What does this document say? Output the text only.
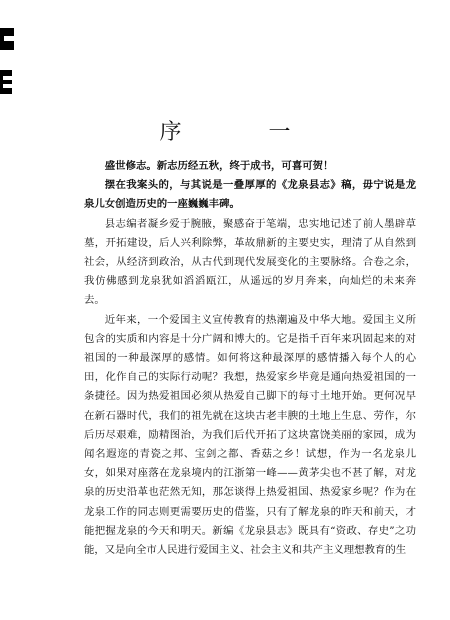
序 一

盛世修志。新志历经五秋，终于成书，可喜可贺！

摆在我案头的，与其说是一叠厚厚的《龙泉县志》稿，毋宁说是龙泉儿女创造历史的一座巍巍丰碑。

县志编者凝乡爱于腕腋，聚感奋于笔端，忠实地记述了前人墨辟草墓，开拓建设，后人兴利除弊，革故鼎新的主要史实，理清了从自然到社会，从经济到政治，从古代到现代发展变化的主要脉络。合卷之余，我仿佛感到龙泉犹如滔滔瓯江，从遥远的岁月奔来，向灿烂的未来奔去。

近年来，一个爱国主义宣传教育的热潮遍及中华大地。爱国主义所包含的实质和内容是十分广阔和博大的。它是指千百年来巩固起来的对祖国的一种最深厚的感情。如何将这种最深厚的感情播入每个人的心田，化作自己的实际行动呢？我想，热爱家乡毕竟是通向热爱祖国的一条捷径。因为热爱祖国必须从热爱自己脚下的每寸土地开始。更何况早在新石器时代，我们的祖先就在这块古老丰腴的土地上生息、劳作，尔后历尽艰难，励精图治，为我们后代开拓了这块富饶美丽的家园，成为闻名遐迩的青瓷之邦、宝剑之都、香菇之乡！试想，作为一名龙泉儿女，如果对座落在龙泉境内的江浙第一峰——黄茅尖也不甚了解，对龙泉的历史沿革也茫然无知，那怎谈得上热爱祖国、热爱家乡呢？作为在龙泉工作的同志则更需要历史的借鉴，只有了解龙泉的昨天和前天，才能把握龙泉的今天和明天。新编《龙泉县志》既具有“资政、存史”之功能，又是向全市人民进行爱国主义、社会主义和共产主义理想教育的生
